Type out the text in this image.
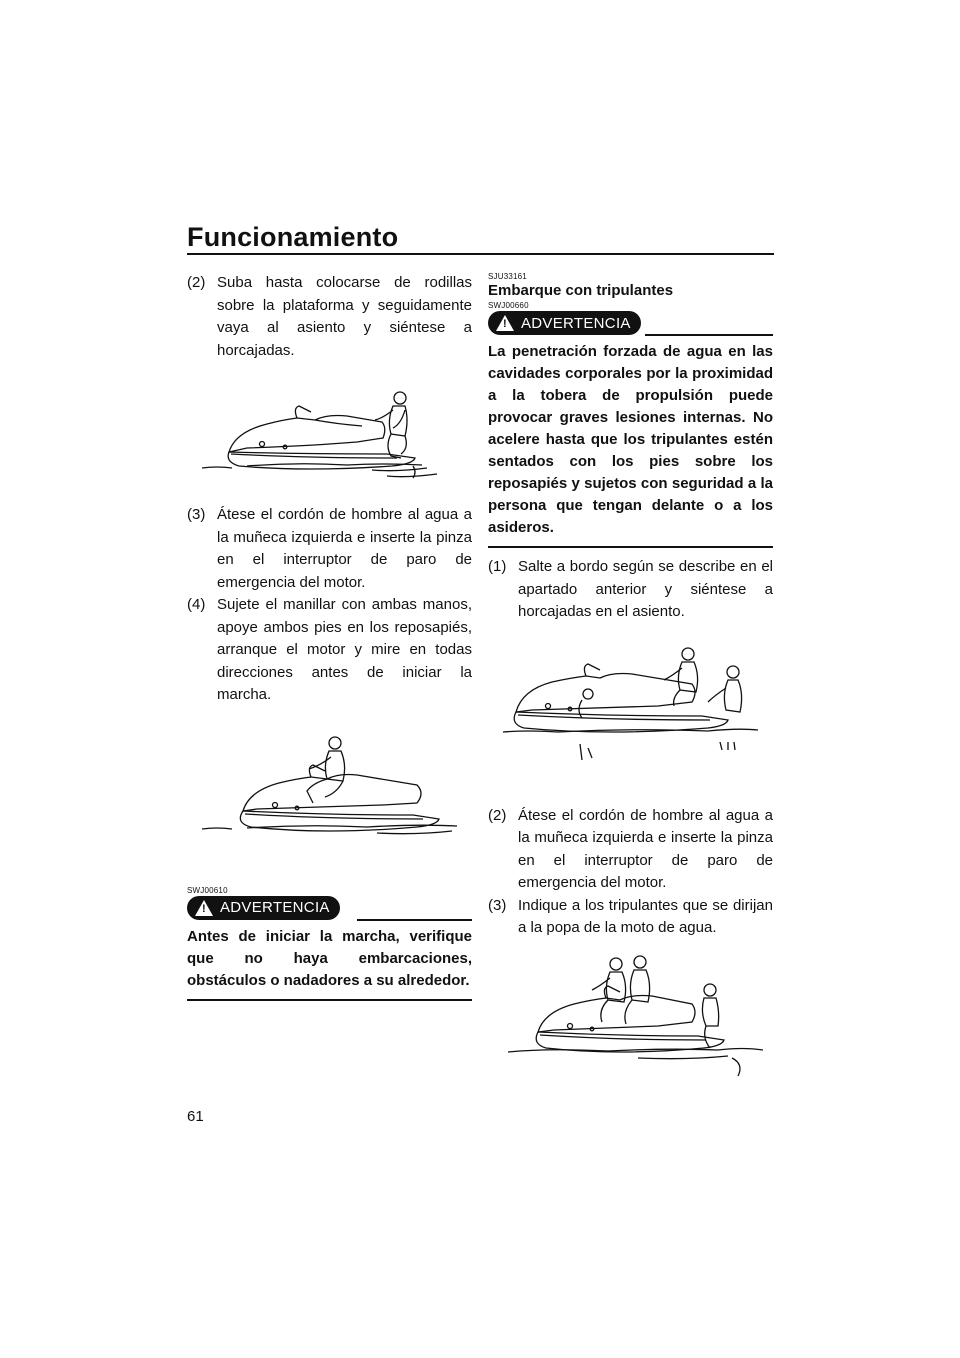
Funcionamiento

(2) Suba hasta colocarse de rodillas sobre la plataforma y seguidamente vaya al asiento y siéntese a horcajadas.

(3) Átese el cordón de hombre al agua a la muñeca izquierda e inserte la pinza en el interruptor de paro de emergencia del motor.

(4) Sujete el manillar con ambas manos, apoye ambos pies en los reposapiés, arranque el motor y mire en todas direcciones antes de iniciar la marcha.

SWJ00610
! ADVERTENCIA

Antes de iniciar la marcha, verifique que no haya embarcaciones, obstáculos o nadadores a su alrededor.

SJU33161
Embarque con tripulantes
SWJ00660
! ADVERTENCIA

La penetración forzada de agua en las cavidades corporales por la proximidad a la tobera de propulsión puede provocar graves lesiones internas. No acelere hasta que los tripulantes estén sentados con los pies sobre los reposapiés y sujetos con seguridad a la persona que tengan delante o a los asideros.

(1) Salte a bordo según se describe en el apartado anterior y siéntese a horcajadas en el asiento.

(2) Átese el cordón de hombre al agua a la muñeca izquierda e inserte la pinza en el interruptor de paro de emergencia del motor.

(3) Indique a los tripulantes que se dirijan a la popa de la moto de agua.

61
